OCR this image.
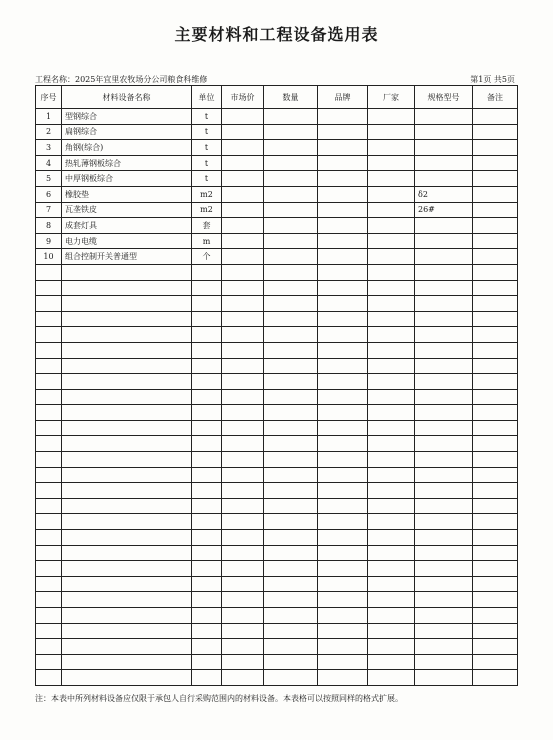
主要材料和工程设备选用表
工程名称：2025年宜里农牧场分公司粮食科维修	第1页 共5页
序号	材料设备名称	单位	市场价	数量	品牌	厂家	规格型号	备注
1	型钢综合	t						
2	扁钢综合	t						
3	角钢(综合)	t						
4	热轧薄钢板综合	t						
5	中厚钢板综合	t						
6	橡胶垫	m2					δ2	
7	瓦垄铁皮	m2					26#	
8	成套灯具	套						
9	电力电缆	m						
10	组合控制开关普通型	个						

注：本表中所列材料设备应仅限于承包人自行采购范围内的材料设备。本表格可以按照同样的格式扩展。
